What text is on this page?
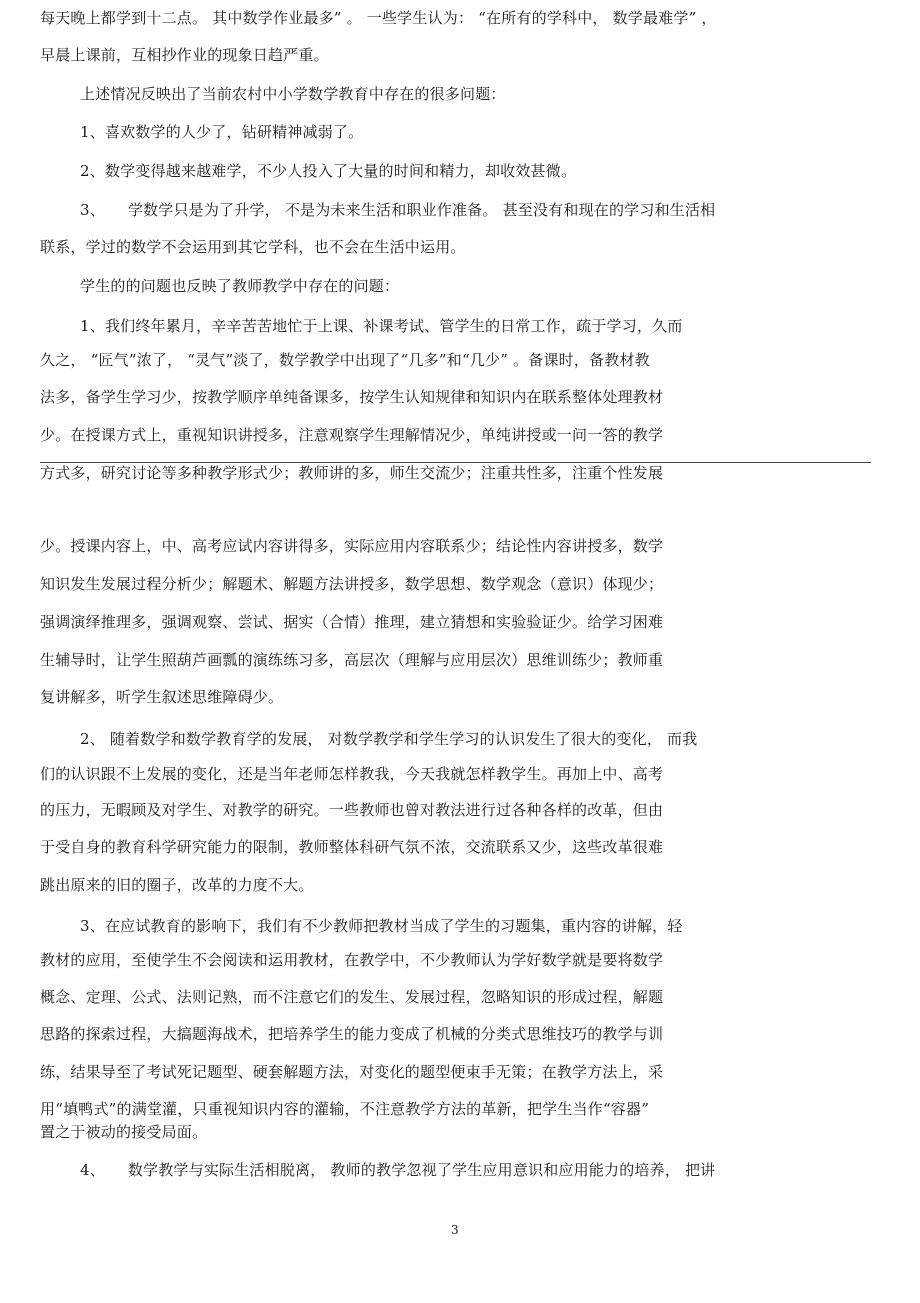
每天晚上都学到十二点。 其中数学作业最多” 。 一些学生认为： “在所有的学科中， 数学最难学” ，
早晨上课前，互相抄作业的现象日趋严重。
上述情况反映出了当前农村中小学数学教育中存在的很多问题：
1、喜欢数学的人少了，钻研精神减弱了。
2、数学变得越来越难学，不少人投入了大量的时间和精力，却收效甚微。
3、　　学数学只是为了升学， 不是为未来生活和职业作准备。 甚至没有和现在的学习和生活相
联系，学过的数学不会运用到其它学科，也不会在生活中运用。
学生的的问题也反映了教师教学中存在的问题：
1、我们终年累月，辛辛苦苦地忙于上课、补课考试、管学生的日常工作，疏于学习，久而
久之， “匠气”浓了， “灵气”淡了，数学教学中出现了“几多”和“几少” 。备课时，备教材教
法多，备学生学习少，按教学顺序单纯备课多，按学生认知规律和知识内在联系整体处理教材
少。在授课方式上，重视知识讲授多，注意观察学生理解情况少，单纯讲授或一问一答的教学
方式多，研究讨论等多种教学形式少；教师讲的多，师生交流少；注重共性多，注重个性发展
少。授课内容上，中、高考应试内容讲得多，实际应用内容联系少；结论性内容讲授多，数学
知识发生发展过程分析少；解题术、解题方法讲授多，数学思想、数学观念（意识）体现少；
强调演绎推理多，强调观察、尝试、据实（合情）推理，建立猜想和实验验证少。给学习困难
生辅导时，让学生照葫芦画瓢的演练练习多，高层次（理解与应用层次）思维训练少；教师重
复讲解多，听学生叙述思维障碍少。
2、 随着数学和数学教育学的发展， 对数学教学和学生学习的认识发生了很大的变化， 而我
们的认识跟不上发展的变化，还是当年老师怎样教我，今天我就怎样教学生。再加上中、高考
的压力，无暇顾及对学生、对教学的研究。一些教师也曾对教法进行过各种各样的改革，但由
于受自身的教育科学研究能力的限制，教师整体科研气氛不浓，交流联系又少，这些改革很难
跳出原来的旧的圈子，改革的力度不大。
3、在应试教育的影响下，我们有不少教师把教材当成了学生的习题集，重内容的讲解，轻
教材的应用，至使学生不会阅读和运用教材，在教学中，不少教师认为学好数学就是要将数学
概念、定理、公式、法则记熟，而不注意它们的发生、发展过程，忽略知识的形成过程，解题
思路的探索过程，大搞题海战术，把培养学生的能力变成了机械的分类式思维技巧的教学与训
练，结果导至了考试死记题型、硬套解题方法，对变化的题型便束手无策；在教学方法上，采
用“填鸭式”的满堂灌，只重视知识内容的灌输，不注意教学方法的革新，把学生当作“容器”
置之于被动的接受局面。
4、　　数学教学与实际生活相脱离， 教师的教学忽视了学生应用意识和应用能力的培养， 把讲
3
